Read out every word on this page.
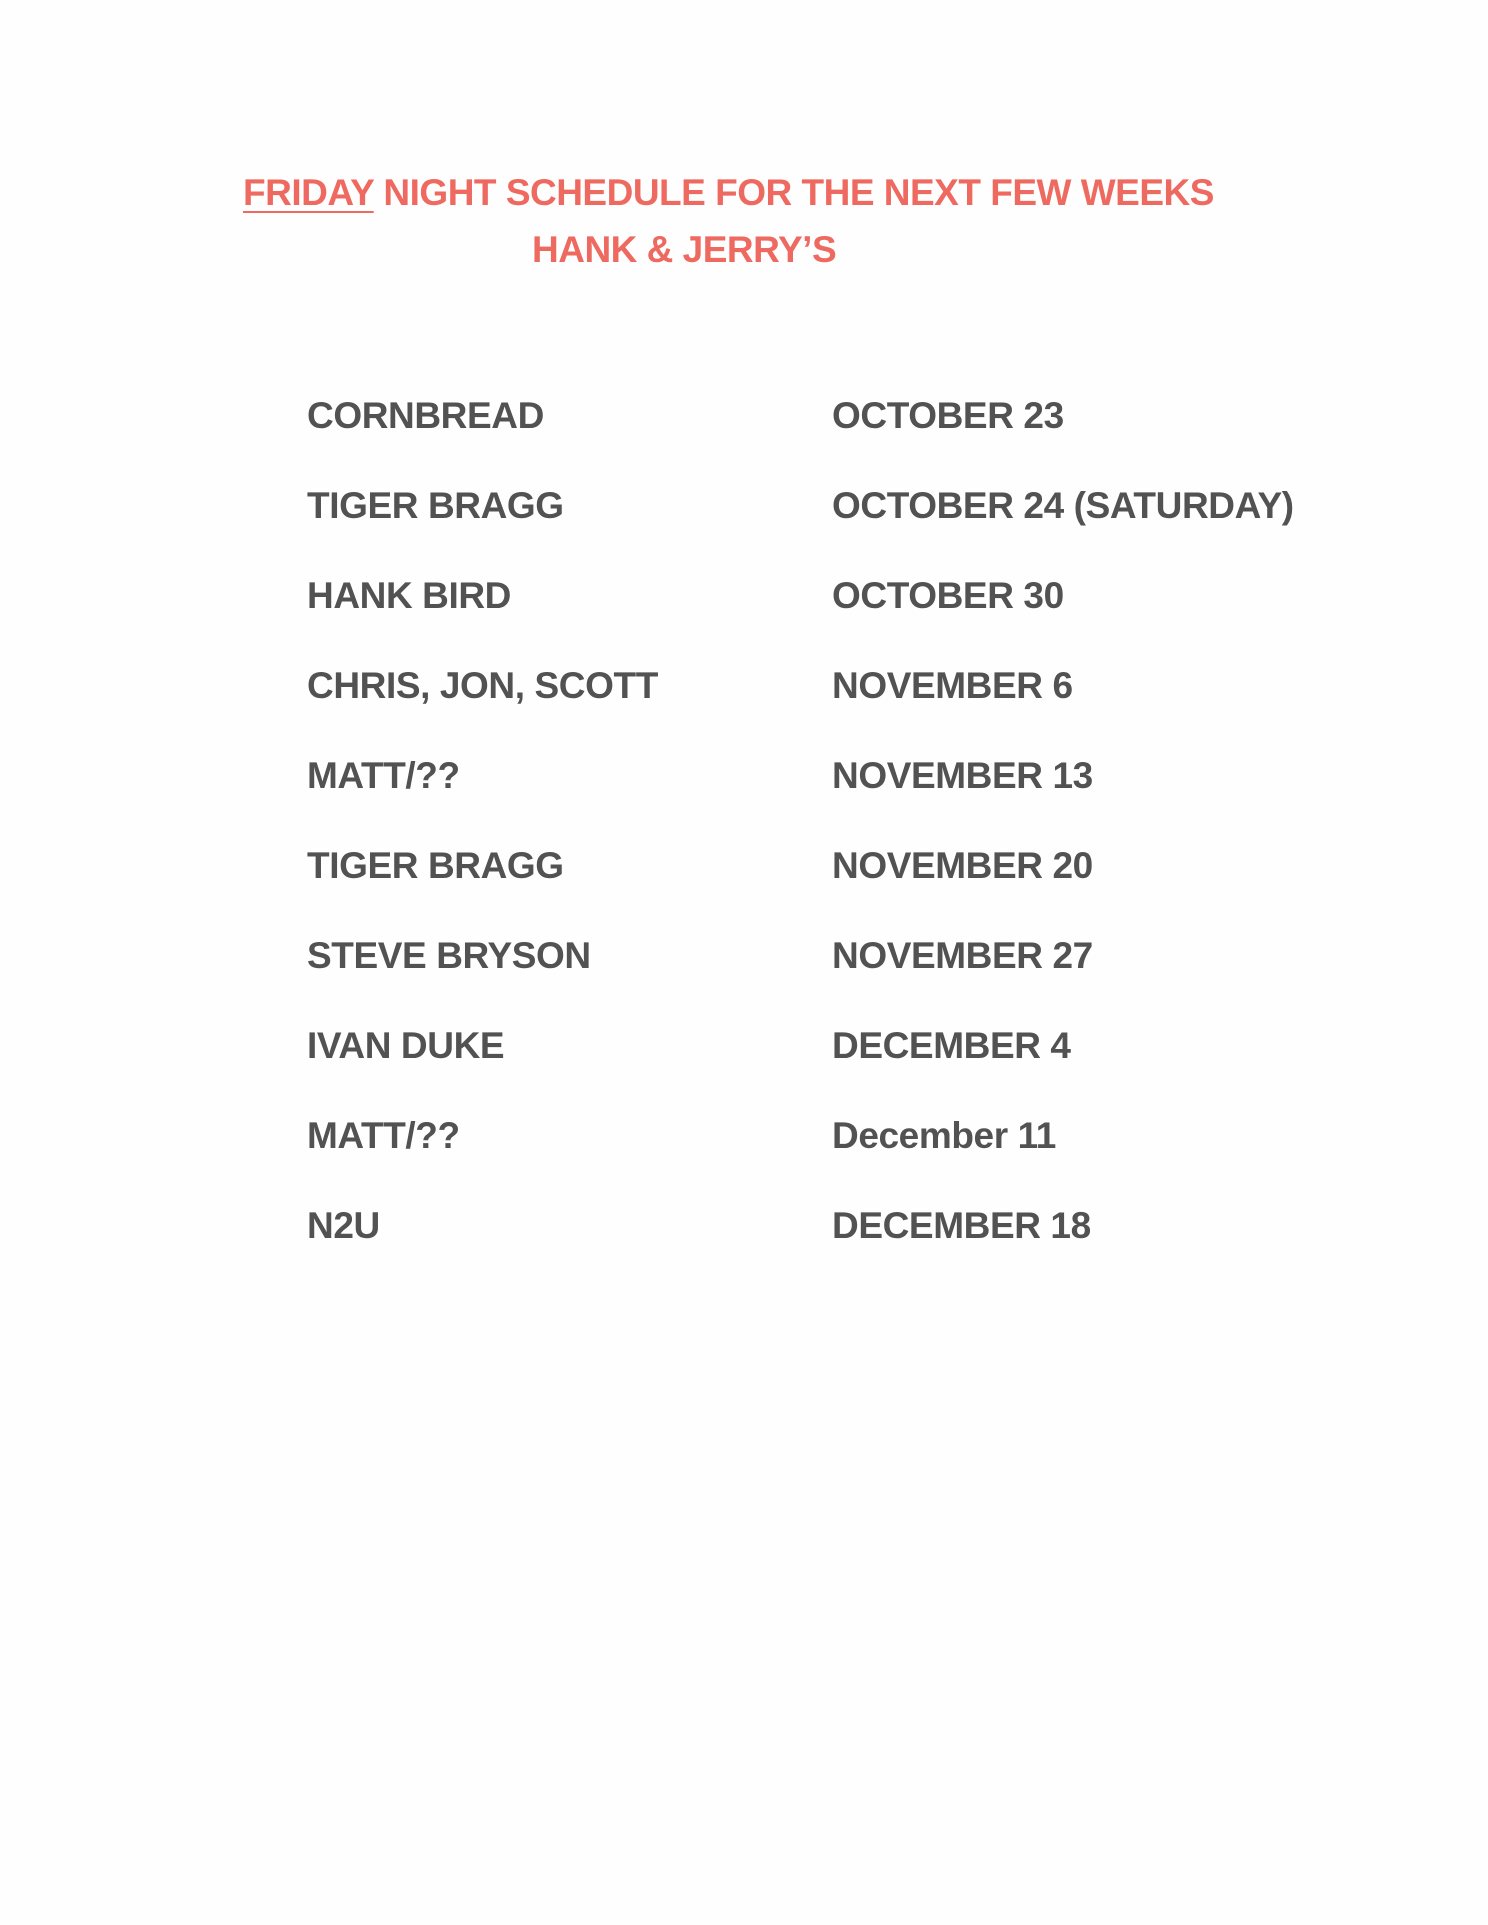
FRIDAY NIGHT SCHEDULE FOR THE NEXT FEW WEEKS
HANK & JERRY’S
CORNBREAD	OCTOBER 23
TIGER BRAGG	OCTOBER 24 (SATURDAY)
HANK BIRD	OCTOBER 30
CHRIS, JON, SCOTT	NOVEMBER 6
MATT/??	NOVEMBER 13
TIGER BRAGG	NOVEMBER 20
STEVE BRYSON	NOVEMBER 27
IVAN DUKE	DECEMBER 4
MATT/??	December 11
N2U	DECEMBER 18
